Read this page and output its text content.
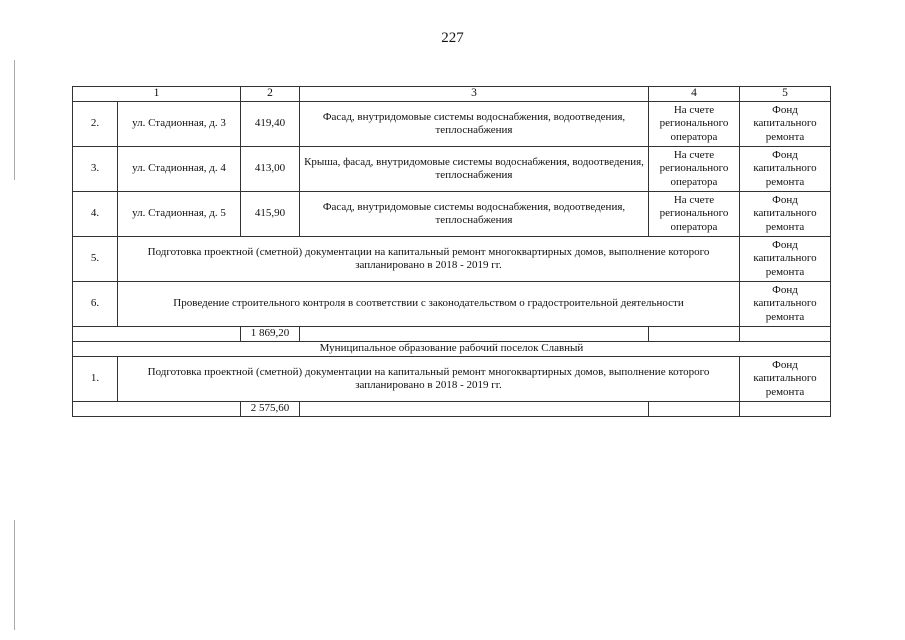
227
1		2	3	4	5
2.	ул. Стадионная, д. 3	419,40	Фасад, внутридомовые системы водоснабжения, водоотведения, теплоснабжения	На счете регионального оператора	Фонд капитального ремонта
3.	ул. Стадионная, д. 4	413,00	Крыша, фасад, внутридомовые системы водоснабжения, водоотведения, теплоснабжения	На счете регионального оператора	Фонд капитального ремонта
4.	ул. Стадионная, д. 5	415,90	Фасад, внутридомовые системы водоснабжения, водоотведения, теплоснабжения	На счете регионального оператора	Фонд капитального ремонта
5.	Подготовка проектной (сметной) документации на капитальный ремонт многоквартирных домов, выполнение которого запланировано в 2018 - 2019 гг.				Фонд капитального ремонта
6.	Проведение строительного контроля в соответствии с законодательством о градостроительной деятельности				Фонд капитального ремонта
		1 869,20			
Муниципальное образование рабочий поселок Славный					
1.	Подготовка проектной (сметной) документации на капитальный ремонт многоквартирных домов, выполнение которого запланировано в 2018 - 2019 гг.				Фонд капитального ремонта
		2 575,60			
